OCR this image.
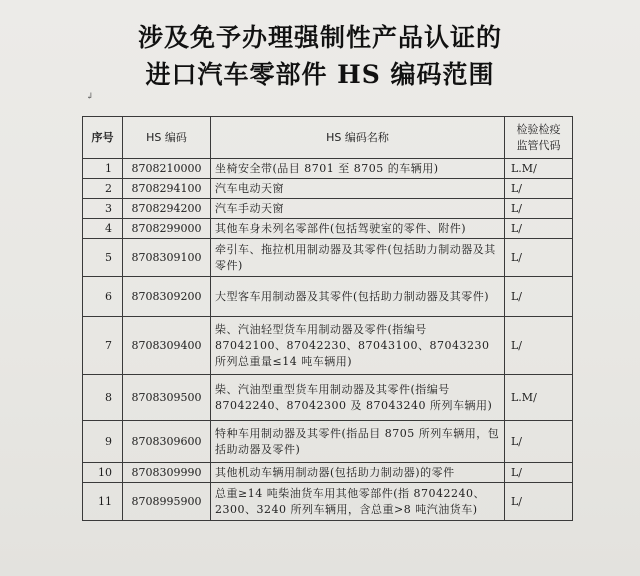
涉及免予办理强制性产品认证的
进口汽车零部件 HS 编码范围
↲
序号	HS 编码	HS 编码名称	检验检疫
监管代码

1	8708210000	坐椅安全带(品目 8701 至 8705 的车辆用)	L.M/
2	8708294100	汽车电动天窗	L/
3	8708294200	汽车手动天窗	L/
4	8708299000	其他车身未列名零部件(包括驾驶室的零件、附件)	L/
5	8708309100	牵引车、拖拉机用制动器及其零件(包括助力制动器及其零件)	L/
6	8708309200	大型客车用制动器及其零件(包括助力制动器及其零件)	L/
7	8708309400	柴、汽油轻型货车用制动器及零件(指编号 87042100、87042230、87043100、87043230 所列总重量≤14 吨车辆用)	L/
8	8708309500	柴、汽油型重型货车用制动器及其零件(指编号 87042240、87042300 及 87043240 所列车辆用)	L.M/
9	8708309600	特种车用制动器及其零件(指品目 8705 所列车辆用，包括助动器及零件)	L/
10	8708309990	其他机动车辆用制动器(包括助力制动器)的零件	L/
11	8708995900	总重≥14 吨柴油货车用其他零部件(指 87042240、2300、3240 所列车辆用，含总重>8 吨汽油货车)	L/
